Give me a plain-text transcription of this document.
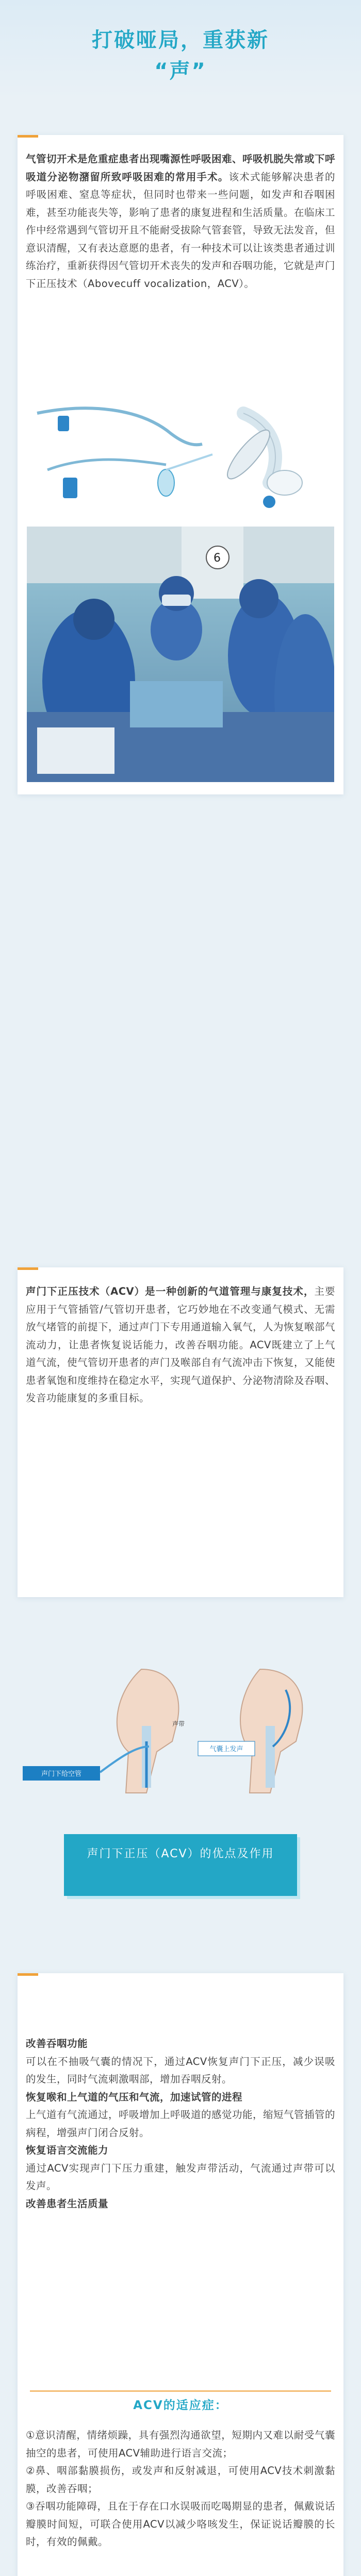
打破哑局，重获新
“声”
气管切开术是危重症患者出现嘴源性呼吸困难、呼吸机脱失常或下呼吸道分泌物潴留所致呼吸困难的常用手术。该术式能够解决患者的呼吸困难、窒息等症状，但同时也带来一些问题，如发声和吞咽困难，甚至功能丧失等，影响了患者的康复进程和生活质量。在临床工作中经常遇到气管切开且不能耐受拔除气管套管，导致无法发音，但意识清醒，又有表达意愿的患者，有一种技术可以让该类患者通过训练治疗，重新获得因气管切开术丧失的发声和吞咽功能，它就是声门下正压技术（Abovecuff vocalization，ACV）。
6
声门下正压技术（ACV）是一种创新的气道管理与康复技术，主要应用于气管插管/气管切开患者，它巧妙地在不改变通气模式、无需放气堵管的前提下，通过声门下专用通道输入氧气，人为恢复喉部气流动力，让患者恢复说话能力，改善吞咽功能。ACV既建立了上气道气流，使气管切开患者的声门及喉部自有气流冲击下恢复，又能使患者氧饱和度维持在稳定水平，实现气道保护、分泌物清除及吞咽、发音功能康复的多重目标。
声门下给空管
气囊上发声
声带
声门下正压（ACV）的优点及作用
改善吞咽功能
可以在不抽吸气囊的情况下，通过ACV恢复声门下正压，减少误吸的发生，同时气流刺激咽部，增加吞咽反射。
恢复喉和上气道的气压和气流，加速试管的进程
上气道有气流通过，呼吸增加上呼吸道的感觉功能，缩短气管插管的病程，增强声门闭合反射。
恢复语言交流能力
通过ACV实现声门下压力重建，触发声带活动，气流通过声带可以发声。
改善患者生活质量
ACV的适应症：
①意识清醒，情绪烦躁，具有强烈沟通欲望，短期内又难以耐受气囊抽空的患者，可使用ACV辅助进行语言交流；
②鼻、咽部黏膜损伤，或发声和反射减退，可使用ACV技术刺激黏膜，改善吞咽；
③吞咽功能障碍，且在于存在口水误吸而吃喝期显的患者，佩戴说话瓣膜时间短，可联合使用ACV以减少咯咳发生，保证说话瓣膜的长时，有效的佩戴。
